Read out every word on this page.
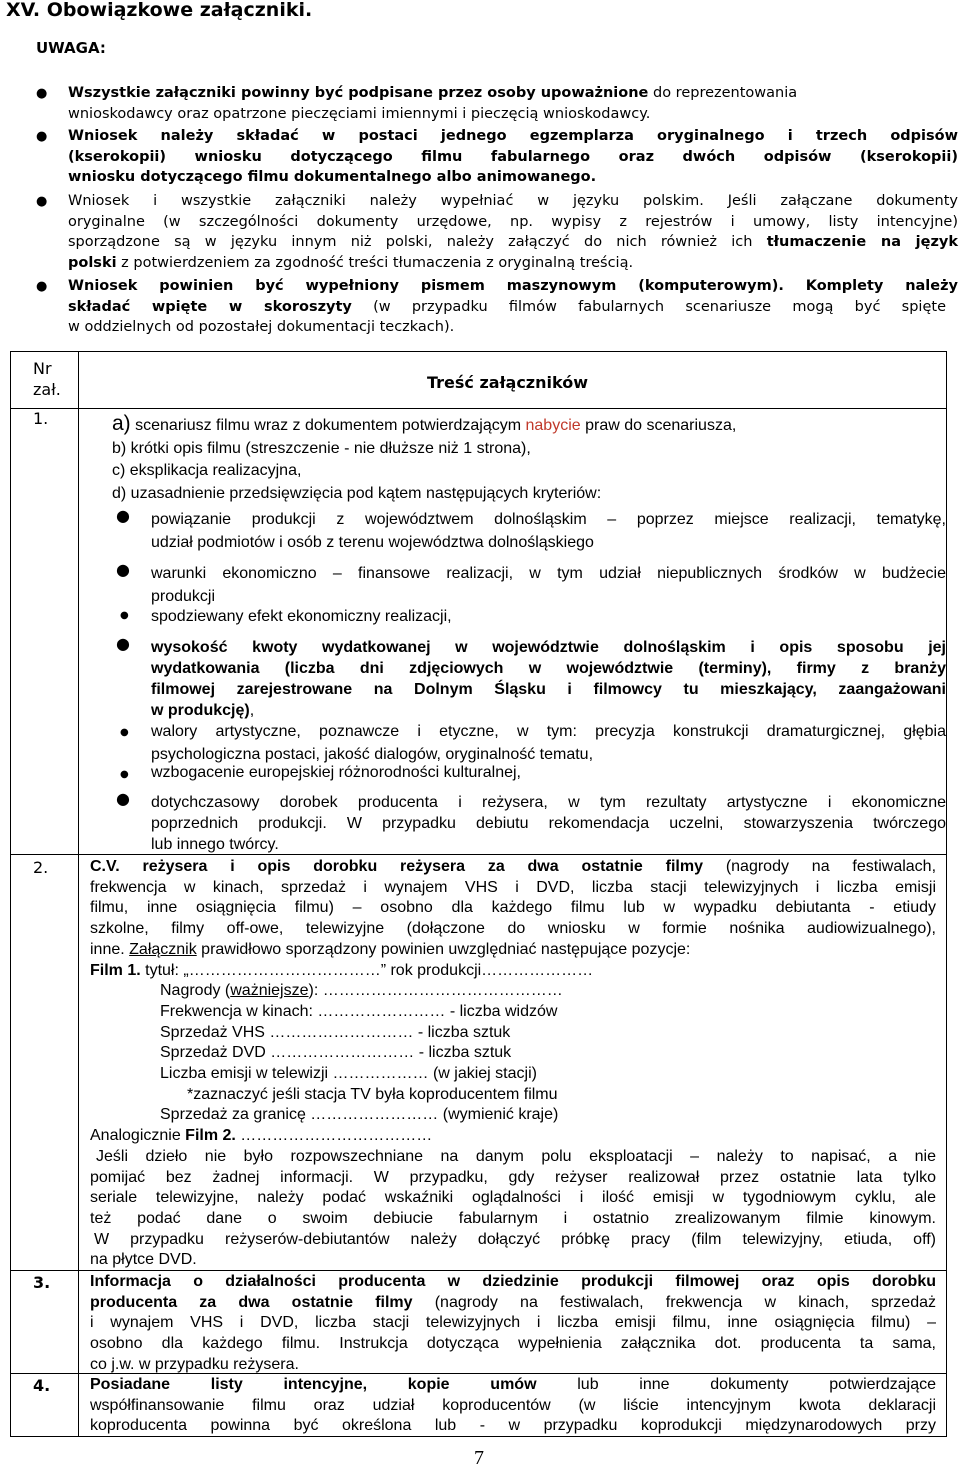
XV. Obowiązkowe załączniki.
UWAGA:
● Wszystkie załączniki powinny być podpisane przez osoby upoważnione do reprezentowania
wnioskodawcy oraz opatrzone pieczęciami imiennymi i pieczęcią wnioskodawcy.
● Wniosek należy składać w postaci jednego egzemplarza oryginalnego i trzech odpisów
(kserokopii) wniosku dotyczącego filmu fabularnego oraz dwóch odpisów (kserokopii)
wniosku dotyczącego filmu dokumentalnego albo animowanego.
● Wniosek i wszystkie załączniki należy wypełniać w języku polskim. Jeśli załączane dokumenty
oryginalne (w szczególności dokumenty urzędowe, np. wypisy z rejestrów i umowy, listy intencyjne)
sporządzone są w języku innym niż polski, należy załączyć do nich również ich tłumaczenie na język
polski z potwierdzeniem za zgodność treści tłumaczenia z oryginalną treścią.
● Wniosek powinien być wypełniony pismem maszynowym (komputerowym). Komplety należy
składać wpięte w skoroszyty (w przypadku filmów fabularnych scenariusze mogą być spięte
w oddzielnych od pozostałej dokumentacji teczkach).
Nr
zał.	Treść załączników
1.	a) scenariusz filmu wraz z dokumentem potwierdzającym nabycie praw do scenariusza,
b) krótki opis filmu (streszczenie - nie dłuższe niż 1 strona),
c) eksplikacja realizacyjna,
d) uzasadnienie przedsięwzięcia pod kątem następujących kryteriów:
● powiązanie produkcji z województwem dolnośląskim – poprzez miejsce realizacji, tematykę,
udział podmiotów i osób z terenu województwa dolnośląskiego
● warunki ekonomiczno – finansowe realizacji, w tym udział niepublicznych środków w budżecie
produkcji
● spodziewany efekt ekonomiczny realizacji,
● wysokość kwoty wydatkowanej w województwie dolnośląskim i opis sposobu jej
wydatkowania (liczba dni zdjęciowych w województwie (terminy), firmy z branży
filmowej zarejestrowane na Dolnym Śląsku i filmowcy tu mieszkający, zaangażowani
w produkcję),
● walory artystyczne, poznawcze i etyczne, w tym: precyzja konstrukcji dramaturgicznej, głębia
psychologiczna postaci, jakość dialogów, oryginalność tematu,
● wzbogacenie europejskiej różnorodności kulturalnej,
● dotychczasowy dorobek producenta i reżysera, w tym rezultaty artystyczne i ekonomiczne
poprzednich produkcji. W przypadku debiutu rekomendacja uczelni, stowarzyszenia twórczego
lub innego twórcy.
2.	C.V. reżysera i opis dorobku reżysera za dwa ostatnie filmy (nagrody na festiwalach,
frekwencja w kinach, sprzedaż i wynajem VHS i DVD, liczba stacji telewizyjnych i liczba emisji
filmu, inne osiągnięcia filmu) – osobno dla każdego filmu lub w wypadku debiutanta - etiudy
szkolne, filmy off-owe, telewizyjne (dołączone do wniosku w formie nośnika audiowizualnego),
inne. Załącznik prawidłowo sporządzony powinien uwzględniać następujące pozycje:
Film 1. tytuł: „………………………………” rok produkcji…………………
Nagrody (ważniejsze): ………………………………………
Frekwencja w kinach: …………………… - liczba widzów
Sprzedaż VHS ……………………… - liczba sztuk
Sprzedaż DVD ……………………… - liczba sztuk
Liczba emisji w telewizji ……………… (w jakiej stacji)
*zaznaczyć jeśli stacja TV była koproducentem filmu
Sprzedaż za granicę …………………… (wymienić kraje)
Analogicznie Film 2. ………………………………
Jeśli dzieło nie było rozpowszechniane na danym polu eksploatacji – należy to napisać, a nie
pomijać bez żadnej informacji. W przypadku, gdy reżyser realizował przez ostatnie lata tylko
seriale telewizyjne, należy podać wskaźniki oglądalności i ilość emisji w tygodniowym cyklu, ale
też podać dane o swoim debiucie fabularnym i ostatnio zrealizowanym filmie kinowym.
W przypadku reżyserów-debiutantów należy dołączyć próbkę pracy (film telewizyjny, etiuda, off)
na płytce DVD.
3. Informacja o działalności producenta w dziedzinie produkcji filmowej oraz opis dorobku
producenta za dwa ostatnie filmy (nagrody na festiwalach, frekwencja w kinach, sprzedaż
i wynajem VHS i DVD, liczba stacji telewizyjnych i liczba emisji filmu, inne osiągnięcia filmu) –
osobno dla każdego filmu. Instrukcja dotycząca wypełnienia załącznika dot. producenta ta sama,
co j.w. w przypadku reżysera.
4. Posiadane listy intencyjne, kopie umów lub inne dokumenty potwierdzające
współfinansowanie filmu oraz udział koproducentów (w liście intencyjnym kwota deklaracji
koproducenta powinna być określona lub - w przypadku koprodukcji międzynarodowych przy
7
